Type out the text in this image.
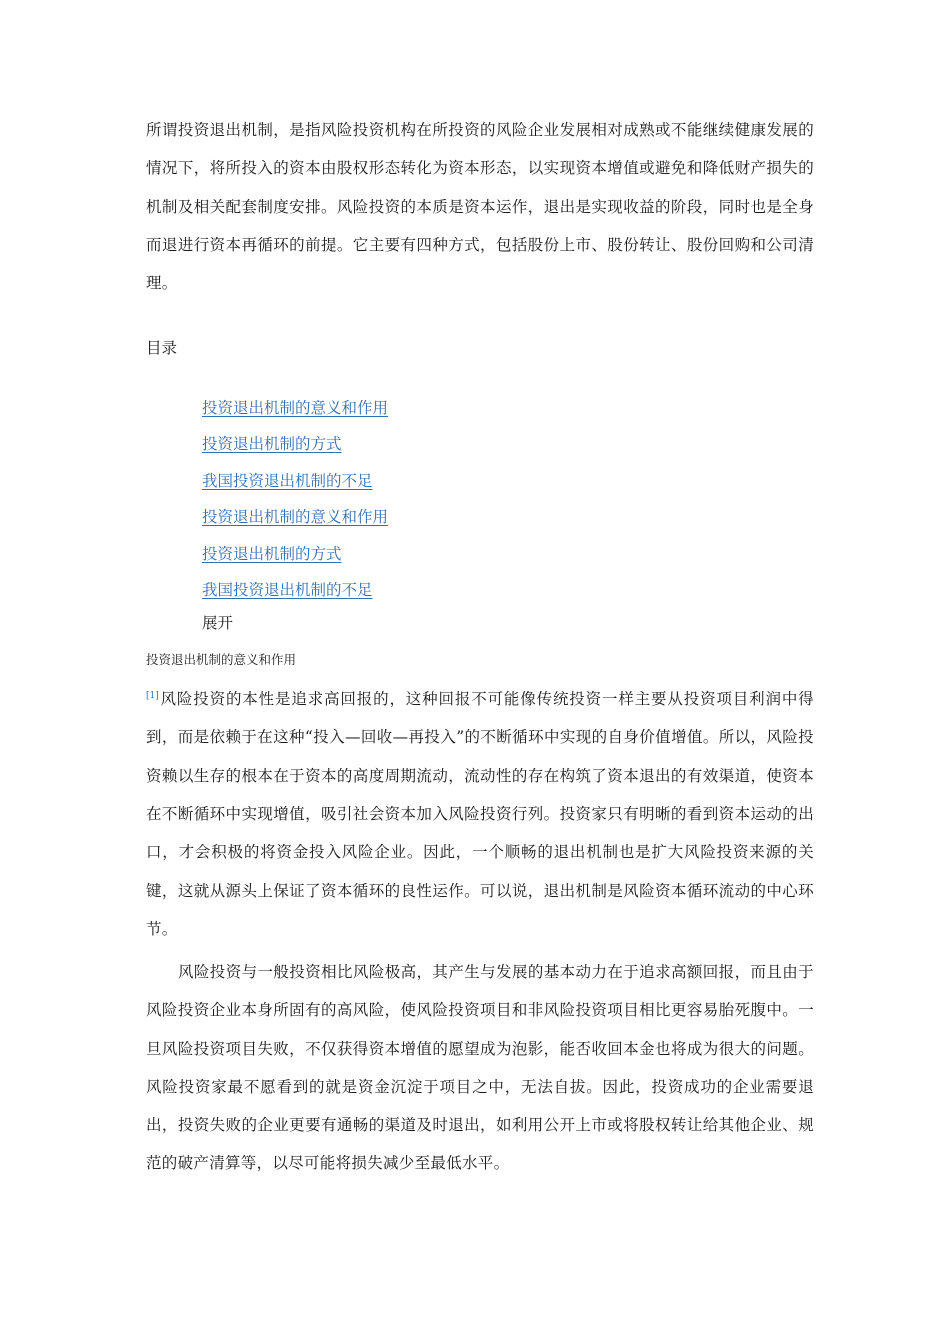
所谓投资退出机制，是指风险投资机构在所投资的风险企业发展相对成熟或不能继续健康发展的情况下，将所投入的资本由股权形态转化为资本形态，以实现资本增值或避免和降低财产损失的机制及相关配套制度安排。风险投资的本质是资本运作，退出是实现收益的阶段，同时也是全身而退进行资本再循环的前提。它主要有四种方式，包括股份上市、股份转让、股份回购和公司清理。

目录

投资退出机制的意义和作用
投资退出机制的方式
我国投资退出机制的不足
投资退出机制的意义和作用
投资退出机制的方式
我国投资退出机制的不足

展开

投资退出机制的意义和作用

[1]风险投资的本性是追求高回报的，这种回报不可能像传统投资一样主要从投资项目利润中得到，而是依赖于在这种“投入—回收—再投入”的不断循环中实现的自身价值增值。所以，风险投资赖以生存的根本在于资本的高度周期流动，流动性的存在构筑了资本退出的有效渠道，使资本在不断循环中实现增值，吸引社会资本加入风险投资行列。投资家只有明晰的看到资本运动的出口，才会积极的将资金投入风险企业。因此，一个顺畅的退出机制也是扩大风险投资来源的关键，这就从源头上保证了资本循环的良性运作。可以说，退出机制是风险资本循环流动的中心环节。

风险投资与一般投资相比风险极高，其产生与发展的基本动力在于追求高额回报，而且由于风险投资企业本身所固有的高风险，使风险投资项目和非风险投资项目相比更容易胎死腹中。一旦风险投资项目失败，不仅获得资本增值的愿望成为泡影，能否收回本金也将成为很大的问题。风险投资家最不愿看到的就是资金沉淀于项目之中，无法自拔。因此，投资成功的企业需要退出，投资失败的企业更要有通畅的渠道及时退出，如利用公开上市或将股权转让给其他企业、规范的破产清算等，以尽可能将损失减少至最低水平。
